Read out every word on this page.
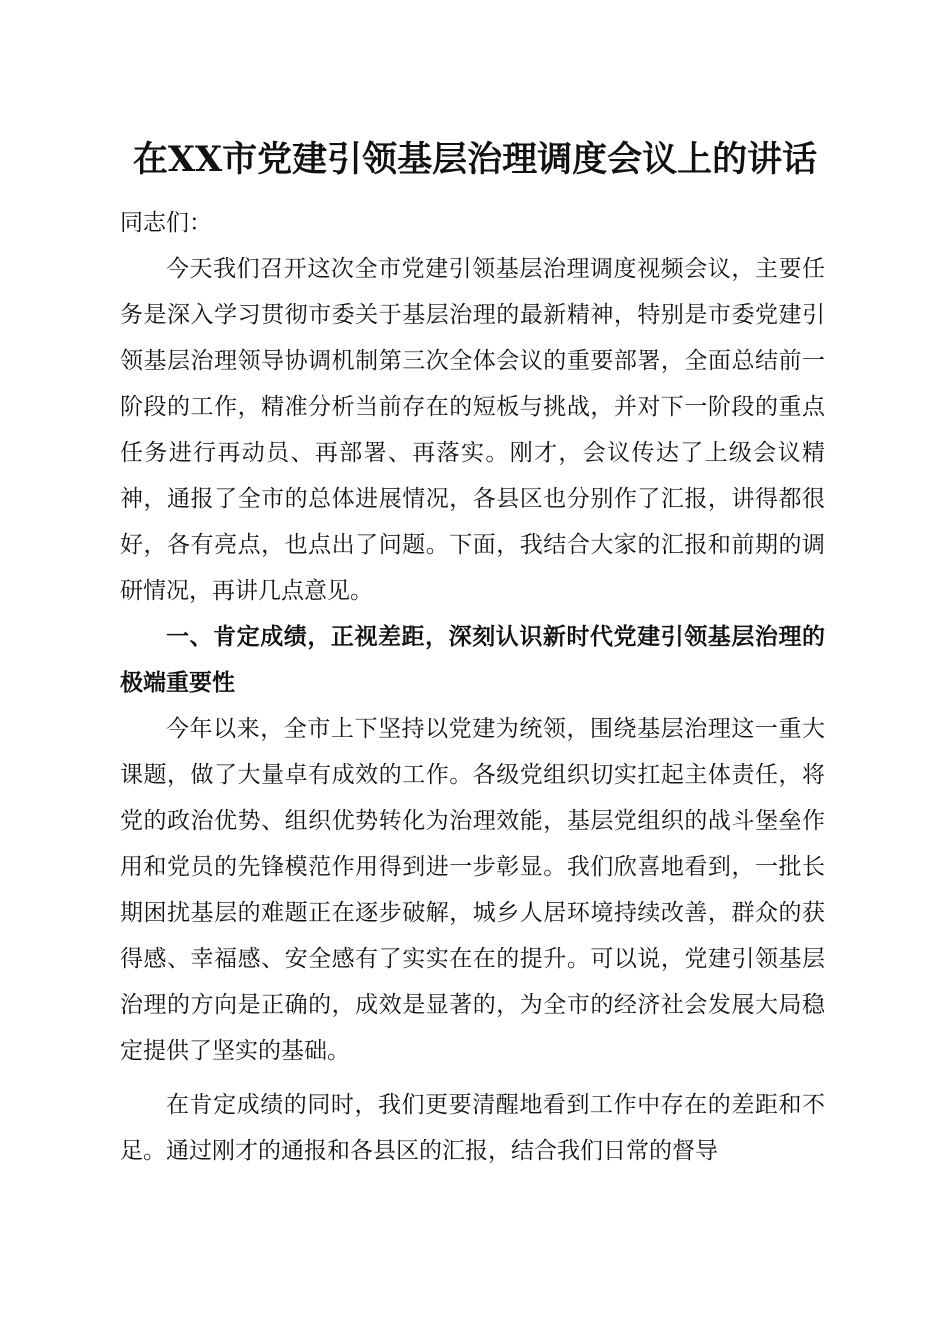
在XX市党建引领基层治理调度会议上的讲话

同志们：

今天我们召开这次全市党建引领基层治理调度视频会议，主要任务是深入学习贯彻市委关于基层治理的最新精神，特别是市委党建引领基层治理领导协调机制第三次全体会议的重要部署，全面总结前一阶段的工作，精准分析当前存在的短板与挑战，并对下一阶段的重点任务进行再动员、再部署、再落实。刚才，会议传达了上级会议精神，通报了全市的总体进展情况，各县区也分别作了汇报，讲得都很好，各有亮点，也点出了问题。下面，我结合大家的汇报和前期的调研情况，再讲几点意见。

一、肯定成绩，正视差距，深刻认识新时代党建引领基层治理的极端重要性

今年以来，全市上下坚持以党建为统领，围绕基层治理这一重大课题，做了大量卓有成效的工作。各级党组织切实扛起主体责任，将党的政治优势、组织优势转化为治理效能，基层党组织的战斗堡垒作用和党员的先锋模范作用得到进一步彰显。我们欣喜地看到，一批长期困扰基层的难题正在逐步破解，城乡人居环境持续改善，群众的获得感、幸福感、安全感有了实实在在的提升。可以说，党建引领基层治理的方向是正确的，成效是显著的，为全市的经济社会发展大局稳定提供了坚实的基础。

在肯定成绩的同时，我们更要清醒地看到工作中存在的差距和不足。通过刚才的通报和各县区的汇报，结合我们日常的督导
